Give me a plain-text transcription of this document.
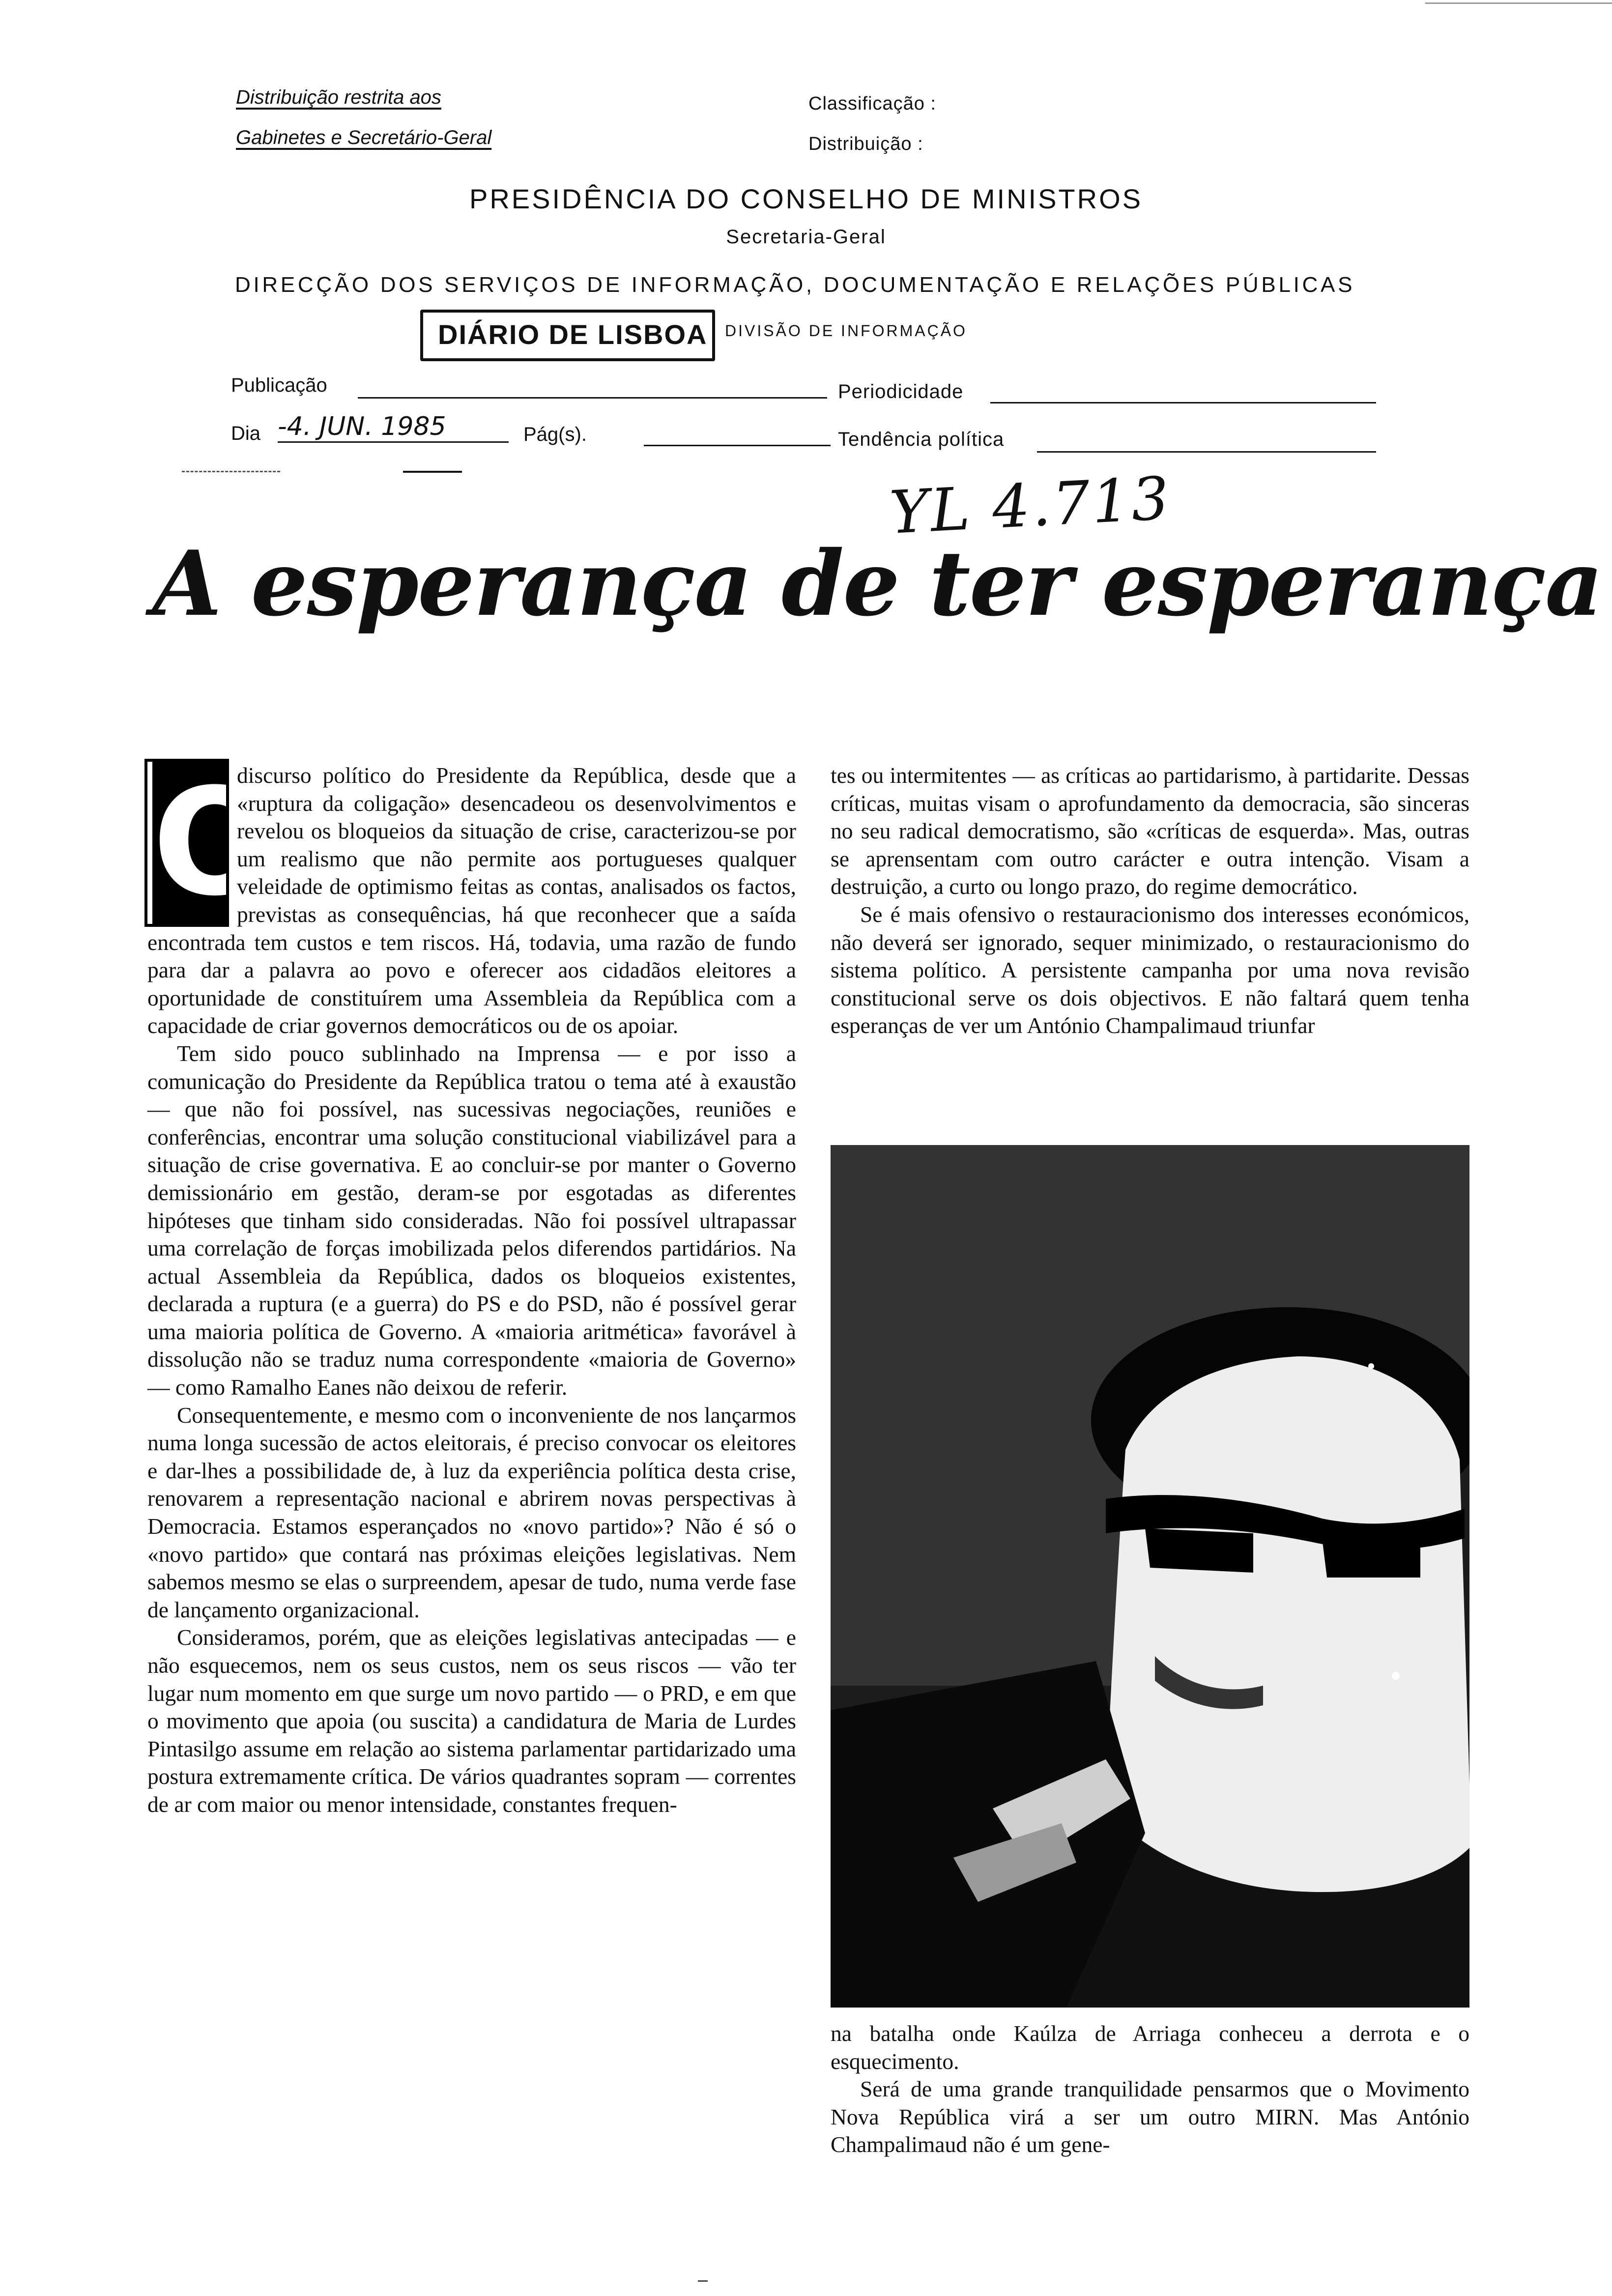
Distribuição restrita aos
Gabinetes e Secretário-Geral
Classificação :
Distribuição :
PRESIDÊNCIA DO CONSELHO DE MINISTROS
Secretaria-Geral
DIRECÇÃO DOS SERVIÇOS DE INFORMAÇÃO, DOCUMENTAÇÃO E RELAÇÕES PÚBLICAS
DIÁRIO DE LISBOA DIVISÃO DE INFORMAÇÃO
Publicação	Periodicidade
Dia -4. JUN. 1985	Pág(s).	Tendência política
YL 4.713
A esperança de ter esperança
O

discurso político do Presidente da República, desde que a «ruptura da coligação» desencadeou os desenvolvimentos e revelou os bloqueios da situação de crise, caracterizou-se por um realismo que não permite aos portugueses qualquer veleidade de optimismo feitas as contas, analisados os factos, previstas as consequências, há que reconhecer que a saída encontrada tem custos e tem riscos. Há, todavia, uma razão de fundo para dar a palavra ao povo e oferecer aos cidadãos eleitores a oportunidade de constituírem uma Assembleia da República com a capacidade de criar governos democráticos ou de os apoiar.

Tem sido pouco sublinhado na Imprensa — e por isso a comunicação do Presidente da República tratou o tema até à exaustão — que não foi possível, nas sucessivas negociações, reuniões e conferências, encontrar uma solução constitucional viabilizável para a situação de crise governativa. E ao concluir-se por manter o Governo demissionário em gestão, deram-se por esgotadas as diferentes hipóteses que tinham sido consideradas. Não foi possível ultrapassar uma correlação de forças imobilizada pelos diferendos partidários. Na actual Assembleia da República, dados os bloqueios existentes, declarada a ruptura (e a guerra) do PS e do PSD, não é possível gerar uma maioria política de Governo. A «maioria aritmética» favorável à dissolução não se traduz numa correspondente «maioria de Governo» — como Ramalho Eanes não deixou de referir.

Consequentemente, e mesmo com o inconveniente de nos lançarmos numa longa sucessão de actos eleitorais, é preciso convocar os eleitores e dar-lhes a possibilidade de, à luz da experiência política desta crise, renovarem a representação nacional e abrirem novas perspectivas à Democracia. Estamos esperançados no «novo partido»? Não é só o «novo partido» que contará nas próximas eleições legislativas. Nem sabemos mesmo se elas o surpreendem, apesar de tudo, numa verde fase de lançamento organizacional.

Consideramos, porém, que as eleições legislativas antecipadas — e não esquecemos, nem os seus custos, nem os seus riscos — vão ter lugar num momento em que surge um novo partido — o PRD, e em que o movimento que apoia (ou suscita) a candidatura de Maria de Lurdes Pintasilgo assume em relação ao sistema parlamentar partidarizado uma postura extremamente crítica. De vários quadrantes sopram — correntes de ar com maior ou menor intensidade, constantes frequen-

tes ou intermitentes — as críticas ao partidarismo, à partidarite. Dessas críticas, muitas visam o aprofundamento da democracia, são sinceras no seu radical democratismo, são «críticas de esquerda». Mas, outras se aprensentam com outro carácter e outra intenção. Visam a destruição, a curto ou longo prazo, do regime democrático.

Se é mais ofensivo o restauracionismo dos interesses económicos, não deverá ser ignorado, sequer minimizado, o restauracionismo do sistema político. A persistente campanha por uma nova revisão constitucional serve os dois objectivos. E não faltará quem tenha esperanças de ver um António Champalimaud triunfar

na batalha onde Kaúlza de Arriaga conheceu a derrota e o esquecimento.

Será de uma grande tranquilidade pensarmos que o Movimento Nova República virá a ser um outro MIRN. Mas António Champalimaud não é um gene-
